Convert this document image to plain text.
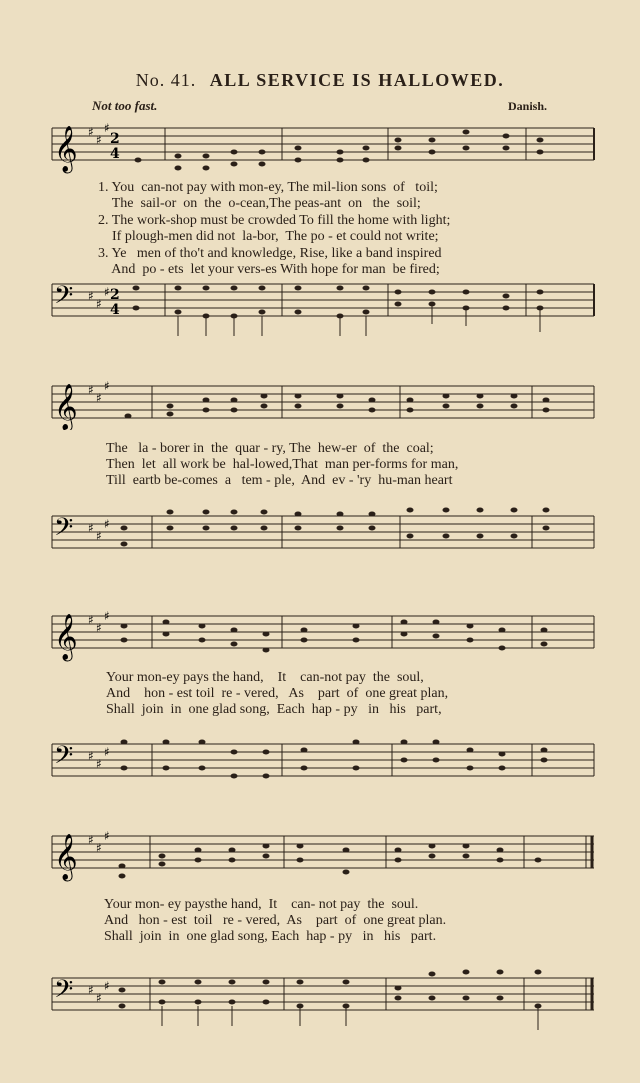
No. 41. ALL SERVICE IS HALLOWED.
Not too fast.	Danish.
𝄞 ♯
♯
♯
2
4
1. You  can-not pay with mon-ey, The mil-lion sons  of   toil;
The  sail-or  on  the  o-cean,The peas-ant  on   the  soil;
2. The work-shop must be crowded To fill the home with light;
If plough-men did not  la-bor,  The po - et could not write;
3. Ye   men of tho't and knowledge, Rise, like a band inspired
And  po - ets  let your vers-es With hope for man  be fired;
𝄢 ♯
♯
♯ 2
4
𝄞 ♯
♯
♯
The   la - borer in  the  quar - ry, The  hew-er  of  the  coal;
Then  let  all work be  hal-lowed,That  man per-forms for man,
Till  eartb be-comes  a   tem - ple,  And  ev - 'ry  hu-man heart
𝄢 ♯
♯
♯
𝄞 ♯
♯
♯
Your mon-ey pays the hand,    It    can-not pay  the  soul,
And    hon - est toil  re - vered,   As    part  of  one great plan,
Shall  join  in  one glad song,  Each  hap - py   in   his   part,
𝄢 ♯
♯
♯
𝄞 ♯
♯
♯
Your mon- ey paysthe hand,  It    can- not pay  the  soul.
And   hon - est  toil   re - vered,  As    part  of  one great plan.
Shall  join  in  one glad song, Each  hap - py   in   his   part.
𝄢 ♯
♯
♯
